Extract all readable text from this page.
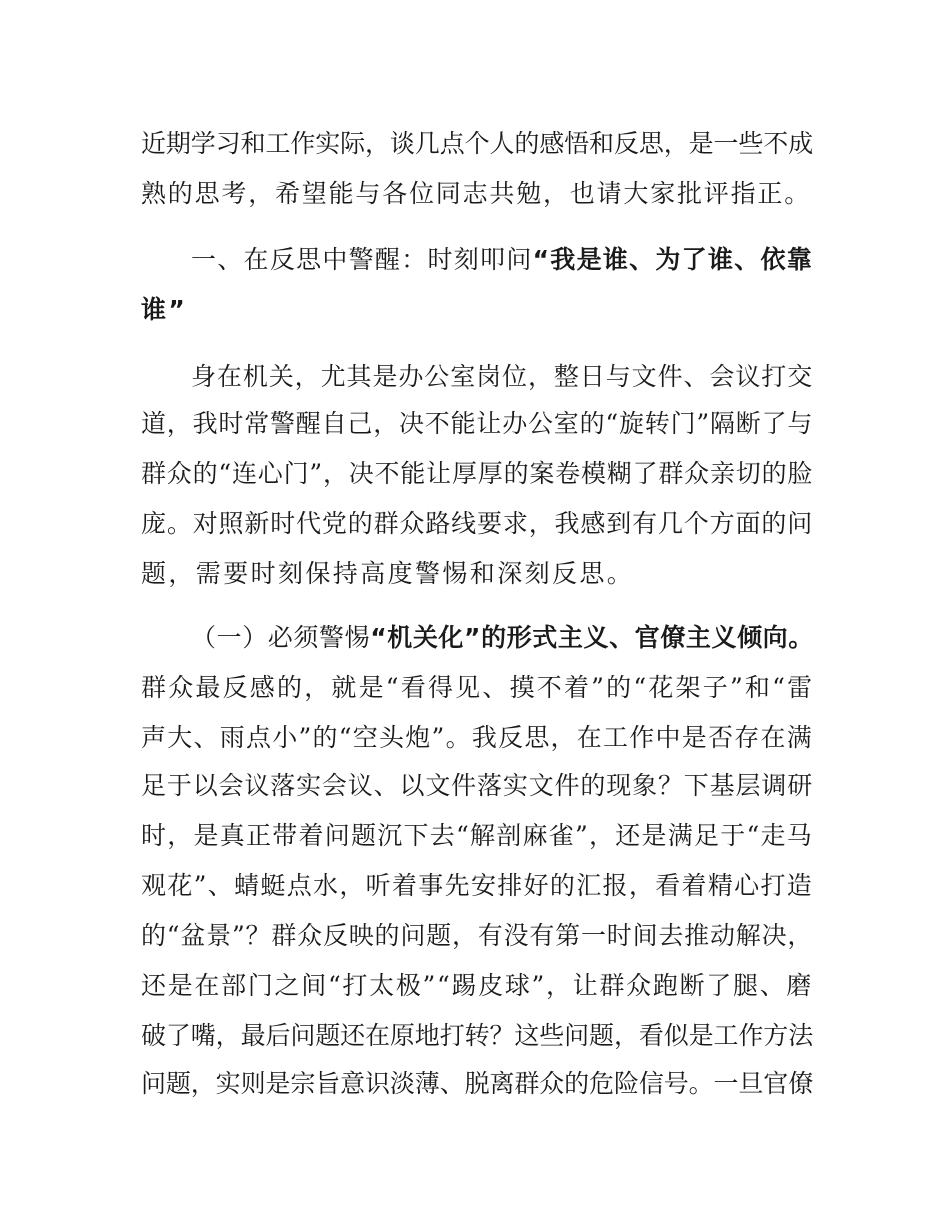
近期学习和工作实际，谈几点个人的感悟和反思，是一些不成
熟的思考，希望能与各位同志共勉，也请大家批评指正。
一、在反思中警醒：时刻叩问“我是谁、为了谁、依靠
谁”
身在机关，尤其是办公室岗位，整日与文件、会议打交
道，我时常警醒自己，决不能让办公室的“旋转门”隔断了与
群众的“连心门”，决不能让厚厚的案卷模糊了群众亲切的脸
庞。对照新时代党的群众路线要求，我感到有几个方面的问
题，需要时刻保持高度警惕和深刻反思。
（一）必须警惕“机关化”的形式主义、官僚主义倾向。
群众最反感的，就是“看得见、摸不着”的“花架子”和“雷
声大、雨点小”的“空头炮”。我反思，在工作中是否存在满
足于以会议落实会议、以文件落实文件的现象？下基层调研
时，是真正带着问题沉下去“解剖麻雀”，还是满足于“走马
观花”、蜻蜓点水，听着事先安排好的汇报，看着精心打造
的“盆景”？群众反映的问题，有没有第一时间去推动解决，
还是在部门之间“打太极”“踢皮球”，让群众跑断了腿、磨
破了嘴，最后问题还在原地打转？这些问题，看似是工作方法
问题，实则是宗旨意识淡薄、脱离群众的危险信号。一旦官僚
